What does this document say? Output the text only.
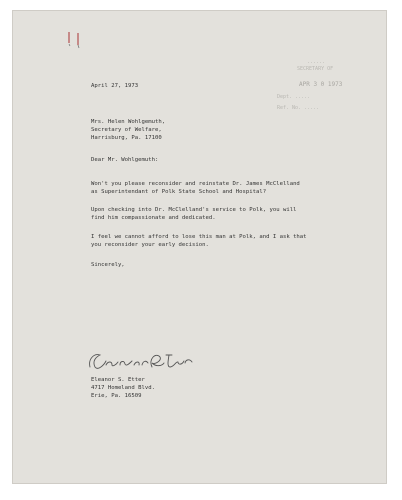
......
SECRETARY OF
APR 3 0 1973
Dept. .....
Ref. No. .....
April 27, 1973
Mrs. Helen Wohlgemuth,
Secretary of Welfare,
Harrisburg, Pa. 17100
Dear Mr. Wohlgemuth:
Won't you please reconsider and reinstate Dr. James McClelland
as Superintendant of Polk State School and Hospital?
Upon checking into Dr. McClelland's service to Polk, you will
find him compassionate and dedicated.
I feel we cannot afford to lose this man at Polk, and I ask that
you reconsider your early decision.
Sincerely,
Eleanor S. Etter
4717 Homeland Blvd.
Erie, Pa. 16509
